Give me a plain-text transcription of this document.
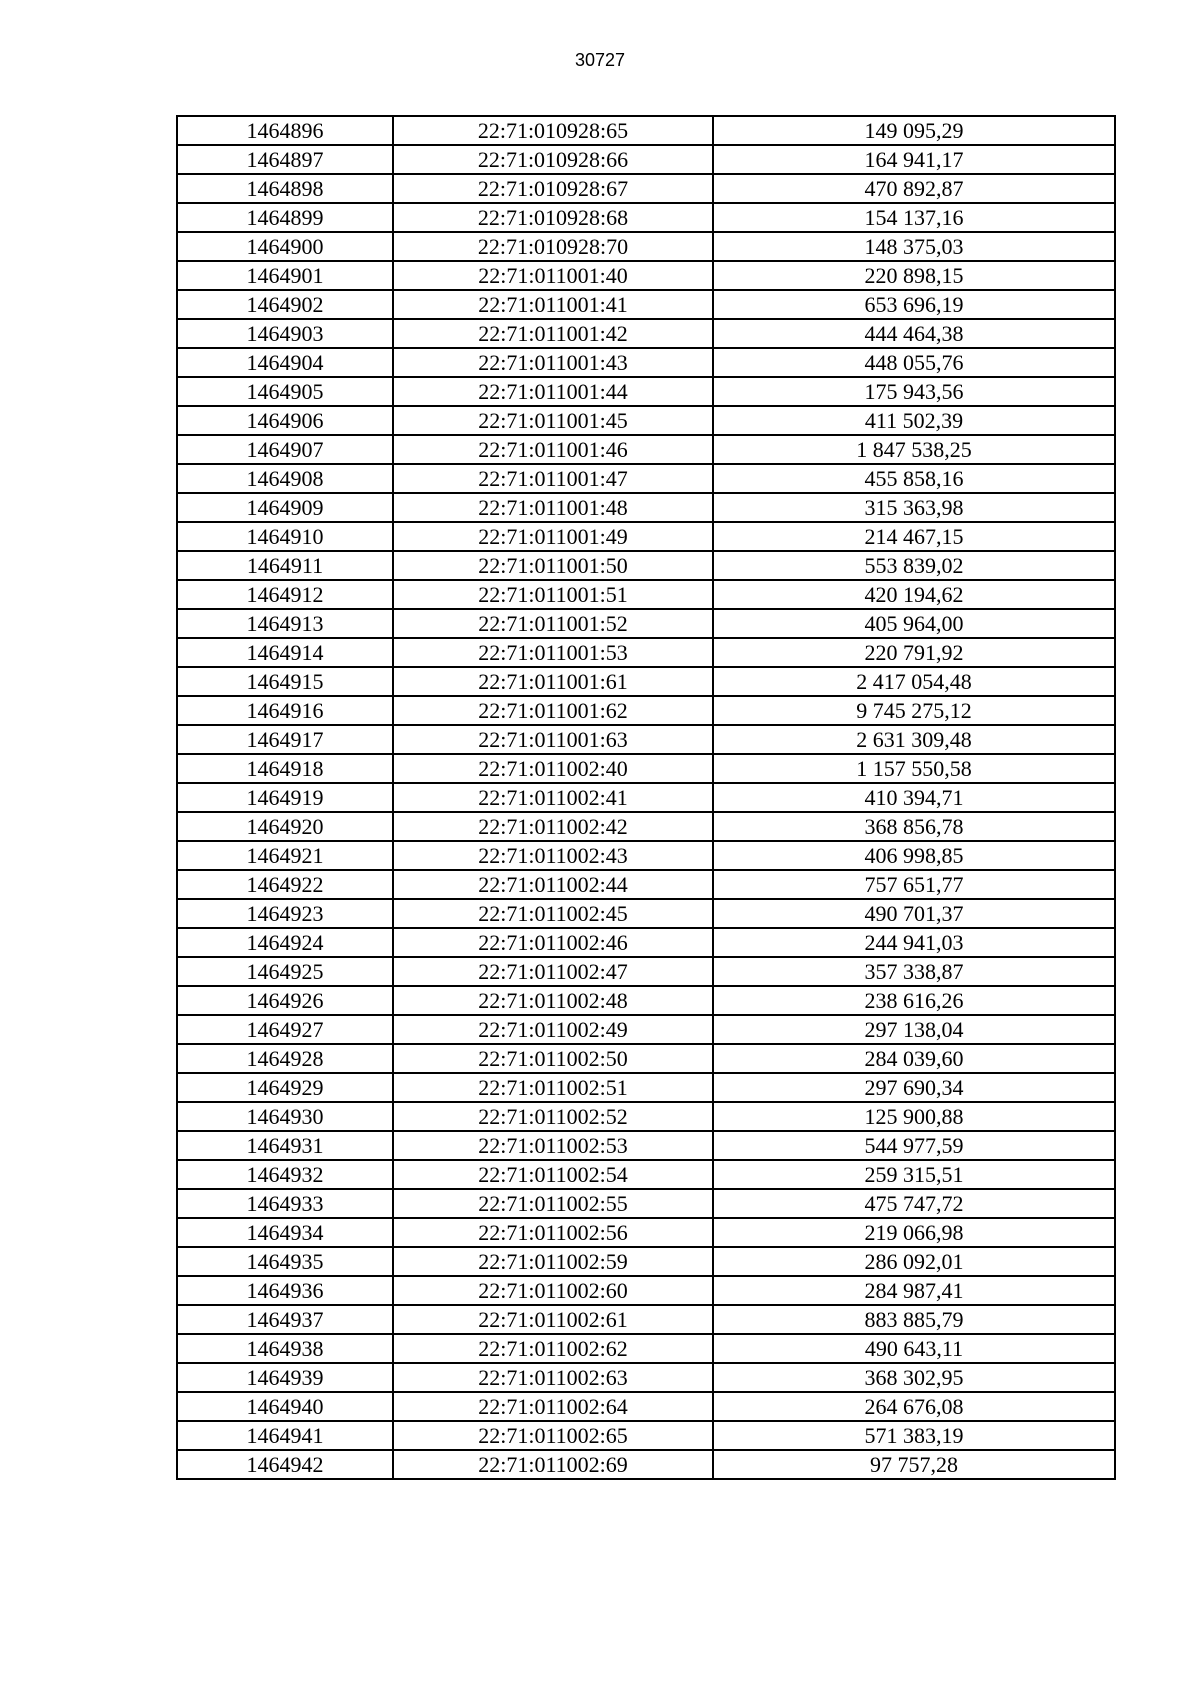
30727
1464896	22:71:010928:65	149 095,29
1464897	22:71:010928:66	164 941,17
1464898	22:71:010928:67	470 892,87
1464899	22:71:010928:68	154 137,16
1464900	22:71:010928:70	148 375,03
1464901	22:71:011001:40	220 898,15
1464902	22:71:011001:41	653 696,19
1464903	22:71:011001:42	444 464,38
1464904	22:71:011001:43	448 055,76
1464905	22:71:011001:44	175 943,56
1464906	22:71:011001:45	411 502,39
1464907	22:71:011001:46	1 847 538,25
1464908	22:71:011001:47	455 858,16
1464909	22:71:011001:48	315 363,98
1464910	22:71:011001:49	214 467,15
1464911	22:71:011001:50	553 839,02
1464912	22:71:011001:51	420 194,62
1464913	22:71:011001:52	405 964,00
1464914	22:71:011001:53	220 791,92
1464915	22:71:011001:61	2 417 054,48
1464916	22:71:011001:62	9 745 275,12
1464917	22:71:011001:63	2 631 309,48
1464918	22:71:011002:40	1 157 550,58
1464919	22:71:011002:41	410 394,71
1464920	22:71:011002:42	368 856,78
1464921	22:71:011002:43	406 998,85
1464922	22:71:011002:44	757 651,77
1464923	22:71:011002:45	490 701,37
1464924	22:71:011002:46	244 941,03
1464925	22:71:011002:47	357 338,87
1464926	22:71:011002:48	238 616,26
1464927	22:71:011002:49	297 138,04
1464928	22:71:011002:50	284 039,60
1464929	22:71:011002:51	297 690,34
1464930	22:71:011002:52	125 900,88
1464931	22:71:011002:53	544 977,59
1464932	22:71:011002:54	259 315,51
1464933	22:71:011002:55	475 747,72
1464934	22:71:011002:56	219 066,98
1464935	22:71:011002:59	286 092,01
1464936	22:71:011002:60	284 987,41
1464937	22:71:011002:61	883 885,79
1464938	22:71:011002:62	490 643,11
1464939	22:71:011002:63	368 302,95
1464940	22:71:011002:64	264 676,08
1464941	22:71:011002:65	571 383,19
1464942	22:71:011002:69	97 757,28
